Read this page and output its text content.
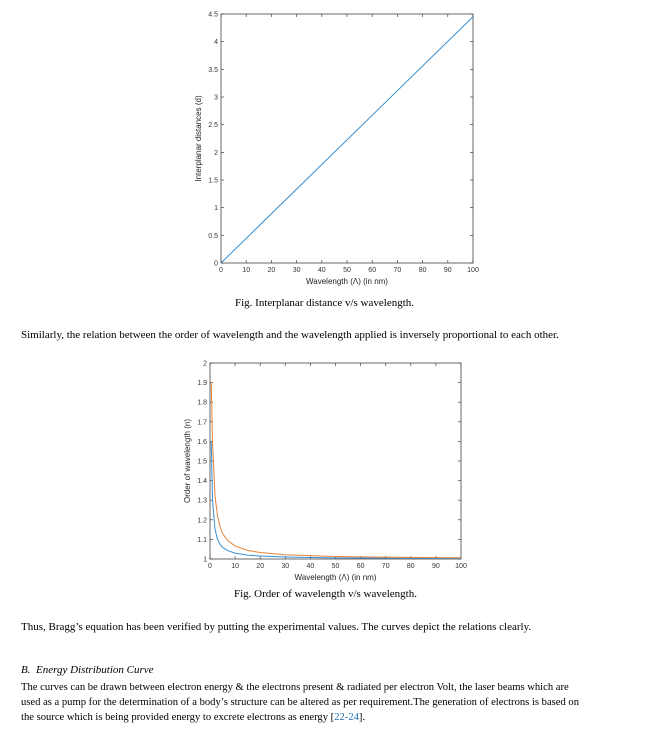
0	10 20 30 40 50 60 70 80 90 100
0
0.5
1
1.5
2
2.5
3
3.5
4
4.5
Wavelength (Λ) (in nm)
Interplanar distances (d)
Fig. Interplanar distance v/s wavelength.
Similarly, the relation between the order of wavelength and the wavelength applied is inversely proportional to each other.
0	10 20 30 40 50 60 70 80 90 100
1
1.1
1.2
1.3
1.4
1.5
1.6
1.7
1.8
1.9
2
Wavelength (Λ) (in nm)
Order of wavelength (n)
Fig. Order of wavelength v/s wavelength.
Thus, Bragg’s equation has been verified by putting the experimental values. The curves depict the relations clearly.
B. Energy Distribution Curve
The curves can be drawn between electron energy & the electrons present & radiated per electron Volt, the laser beams which are
used as a pump for the determination of a body’s structure can be altered as per requirement.The generation of electrons is based on
the source which is being provided energy to excrete electrons as energy [22-24].
